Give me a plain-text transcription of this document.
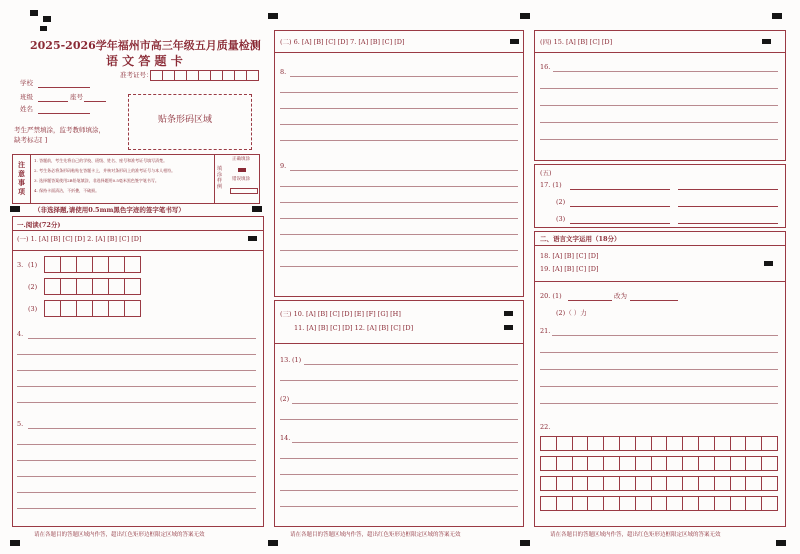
2025-2026学年福州市高三年级五月质量检测
语 文 答 题 卡
学校
班级	座号
姓名
准考证号：
贴条形码区域
考生严禁填涂，监考教师填涂，
缺考标志[ ]
注意事项
1. 答题前，考生先将自己的学校、班级、姓名、座号和准考证号填写清楚。
2. 考生务必将条形码粘贴在答题卡上，并核对条形码上的准考证号与本人相符。
3. 选择题答案使用2B铅笔填涂，非选择题用0.5毫米黑色签字笔书写。
4. 保持卡面清洁，不折叠，不破损。
填涂样例
正确填涂
错误填涂
（非选择题,请使用0.5mm黑色字迹的签字笔书写）
一.阅读(72分)
(一) 1. [A] [B] [C] [D] 2. [A] [B] [C] [D]
3. (1)
(2)
(3)
4.
5.
请在各题目的答题区域内作答，超出红色矩形边框限定区域的答案无效
(二) 6. [A] [B] [C] [D] 7. [A] [B] [C] [D]
8.
9.
(三) 10. [A] [B] [C] [D] [E] [F] [G] [H]
11. [A] [B] [C] [D] 12. [A] [B] [C] [D]
13. (1)
(2)
14.
请在各题目的答题区域内作答，超出红色矩形边框限定区域的答案无效
(四) 15. [A] [B] [C] [D]
16.
(五)
17. (1)
(2)
(3)
二、语言文字运用（18分）
18. [A] [B] [C] [D]
19. [A] [B] [C] [D]
20. (1)	改为
(2)（ ）力
21.
22.
请在各题目的答题区域内作答，超出红色矩形边框限定区域的答案无效
